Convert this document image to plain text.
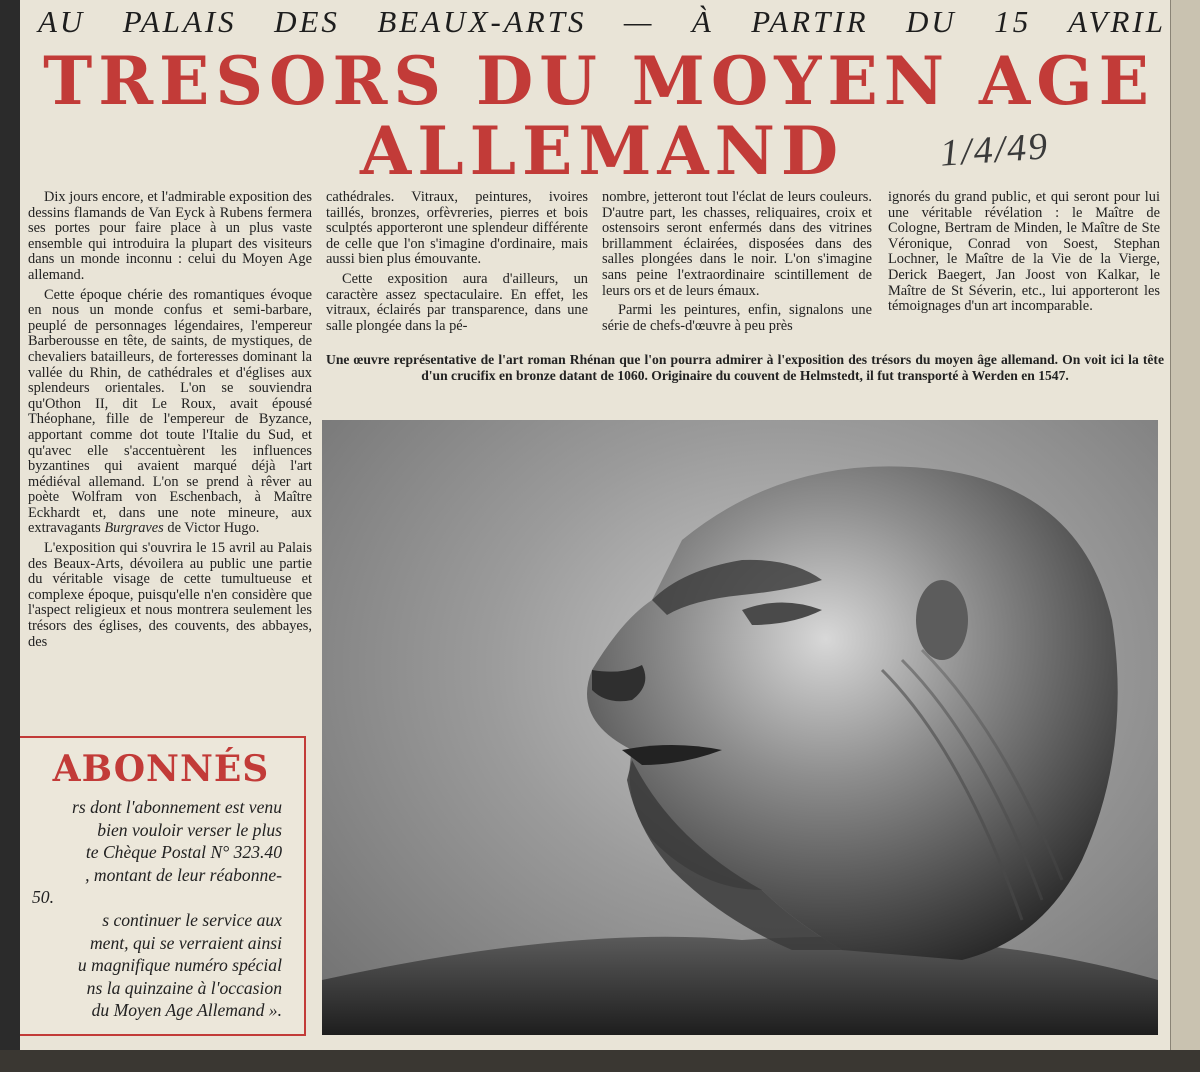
AU PALAIS DES BEAUX-ARTS — À PARTIR DU 15 AVRIL
TRESORS DU MOYEN AGE
ALLEMAND 1/4/49

Dix jours encore, et l'admirable exposition des dessins flamands de Van Eyck à Rubens fermera ses portes pour faire place à un plus vaste ensemble qui introduira la plupart des visiteurs dans un monde inconnu : celui du Moyen Age allemand.

Cette époque chérie des romantiques évoque en nous un monde confus et semi-barbare, peuplé de personnages légendaires, l'empereur Barberousse en tête, de saints, de mystiques, de chevaliers batailleurs, de forteresses dominant la vallée du Rhin, de cathédrales et d'églises aux splendeurs orientales. L'on se souviendra qu'Othon II, dit Le Roux, avait épousé Théophane, fille de l'empereur de Byzance, apportant comme dot toute l'Italie du Sud, et qu'avec elle s'accentuèrent les influences byzantines qui avaient marqué déjà l'art médiéval allemand. L'on se prend à rêver au poète Wolfram von Eschenbach, à Maître Eckhardt et, dans une note mineure, aux extravagants Burgraves de Victor Hugo.

L'exposition qui s'ouvrira le 15 avril au Palais des Beaux-Arts, dévoilera au public une partie du véritable visage de cette tumultueuse et complexe époque, puisqu'elle n'en considère que l'aspect religieux et nous montrera seulement les trésors des églises, des couvents, des abbayes, des

cathédrales. Vitraux, peintures, ivoires taillés, bronzes, orfèvreries, pierres et bois sculptés apporteront une splendeur différente de celle que l'on s'imagine d'ordinaire, mais aussi bien plus émouvante.

Cette exposition aura d'ailleurs, un caractère assez spectaculaire. En effet, les vitraux, éclairés par transparence, dans une salle plongée dans la pé-

nombre, jetteront tout l'éclat de leurs couleurs. D'autre part, les chasses, reliquaires, croix et ostensoirs seront enfermés dans des vitrines brillamment éclairées, disposées dans des salles plongées dans le noir. L'on s'imagine sans peine l'extraordinaire scintillement de leurs ors et de leurs émaux.

Parmi les peintures, enfin, signalons une série de chefs-d'œuvre à peu près

ignorés du grand public, et qui seront pour lui une véritable révélation : le Maître de Cologne, Bertram de Minden, le Maître de Ste Véronique, Conrad von Soest, Stephan Lochner, le Maître de la Vie de la Vierge, Derick Baegert, Jan Joost von Kalkar, le Maître de St Séverin, etc., lui apporteront les témoignages d'un art incomparable.

Une œuvre représentative de l'art roman Rhénan que l'on pourra admirer à l'exposition des trésors du moyen âge allemand. On voit ici la tête d'un crucifix en bronze datant de 1060. Originaire du couvent de Helmstedt, il fut transporté à Werden en 1547.
ABONNÉS
rs dont l'abonnement est venu
bien vouloir verser le plus
te Chèque Postal N° 323.40
, montant de leur réabonne-
50.
s continuer le service aux
ment, qui se verraient ainsi
u magnifique numéro spécial
ns la quinzaine à l'occasion
du Moyen Age Allemand ».
